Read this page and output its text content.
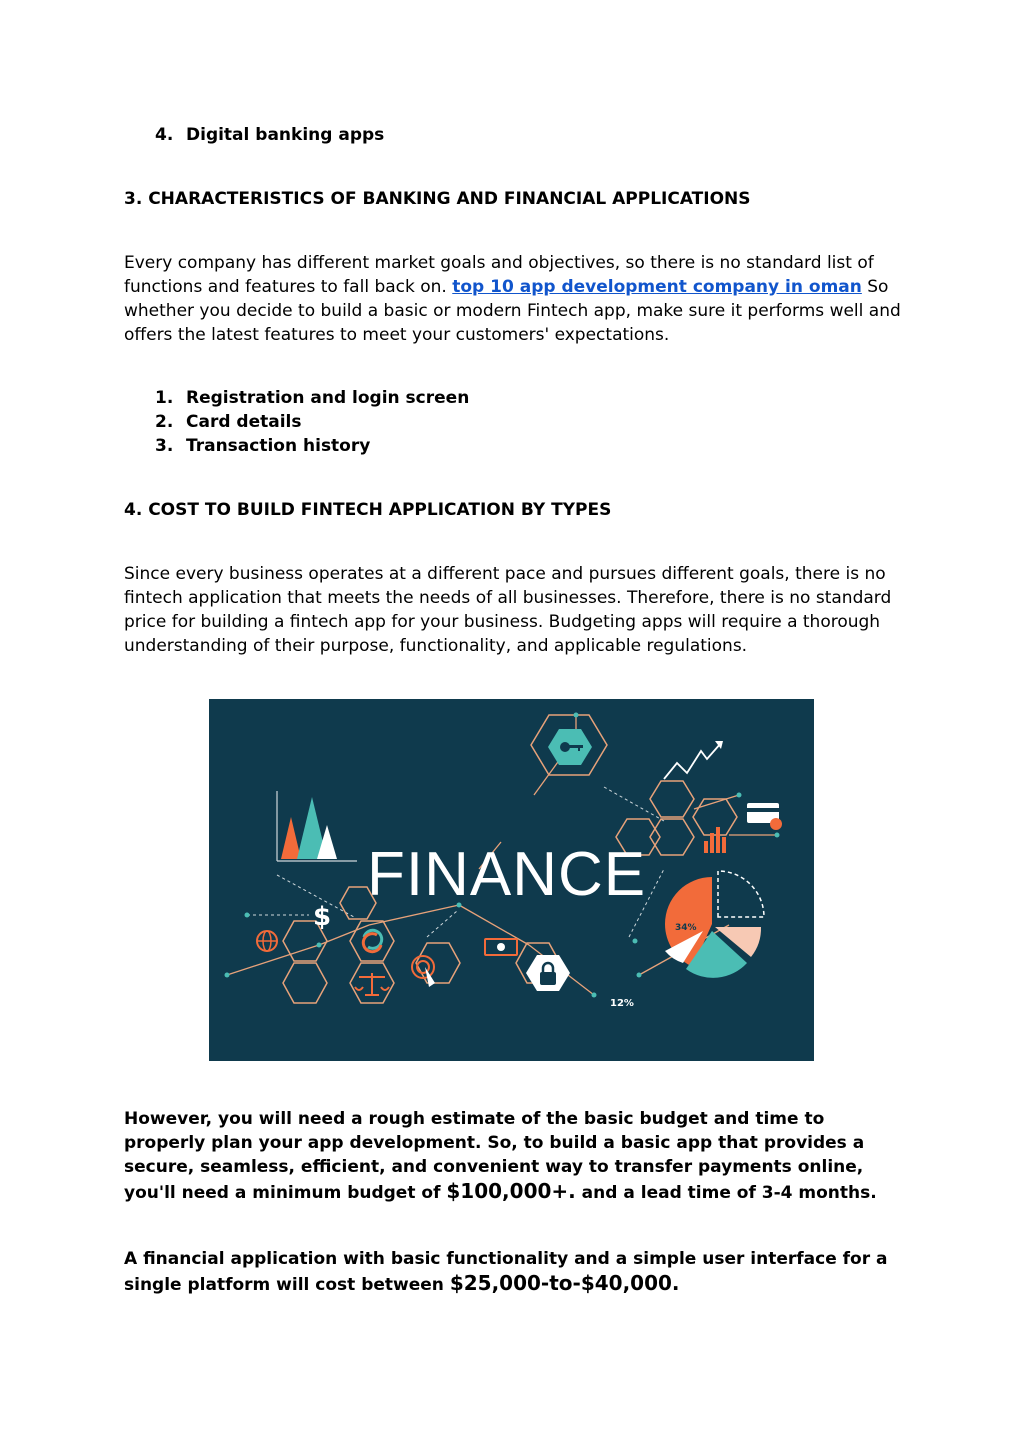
4. Digital banking apps
3. CHARACTERISTICS OF BANKING AND FINANCIAL APPLICATIONS
Every company has different market goals and objectives, so there is no standard list of functions and features to fall back on. top 10 app development company in oman So whether you decide to build a basic or modern Fintech app, make sure it performs well and offers the latest features to meet your customers' expectations.
1. Registration and login screen
2. Card details
3. Transaction history
4. COST TO BUILD FINTECH APPLICATION BY TYPES
Since every business operates at a different pace and pursues different goals, there is no fintech application that meets the needs of all businesses. Therefore, there is no standard price for building a fintech app for your business. Budgeting apps will require a thorough understanding of their purpose, functionality, and applicable regulations.
$	34%
12%
FINANCE
However, you will need a rough estimate of the basic budget and time to properly plan your app development. So, to build a basic app that provides a secure, seamless, efficient, and convenient way to transfer payments online, you'll need a minimum budget of $100,000+. and a lead time of 3-4 months.
A financial application with basic functionality and a simple user interface for a single platform will cost between $25,000-to-$40,000.
